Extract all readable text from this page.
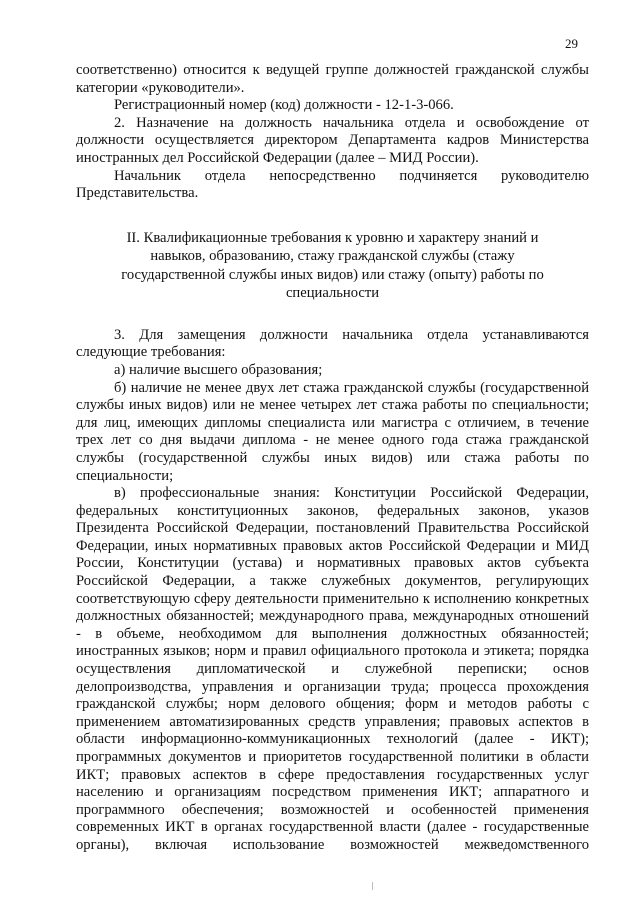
29

соответственно) относится к ведущей группе должностей гражданской службы категории «руководители».

Регистрационный номер (код) должности - 12-1-3-066.

2. Назначение на должность начальника отдела и освобождение от должности осуществляется директором Департамента кадров Министерства иностранных дел Российской Федерации (далее – МИД России).

Начальник отдела непосредственно подчиняется руководителю Представительства.

II. Квалификационные требования к уровню и характеру знаний и навыков, образованию, стажу гражданской службы (стажу государственной службы иных видов) или стажу (опыту) работы по специальности

3. Для замещения должности начальника отдела устанавливаются следующие требования:

а) наличие высшего образования;

б) наличие не менее двух лет стажа гражданской службы (государственной службы иных видов) или не менее четырех лет стажа работы по специальности; для лиц, имеющих дипломы специалиста или магистра с отличием, в течение трех лет со дня выдачи диплома - не менее одного года стажа гражданской службы (государственной службы иных видов) или стажа работы по специальности;

в) профессиональные знания: Конституции Российской Федерации, федеральных конституционных законов, федеральных законов, указов Президента Российской Федерации, постановлений Правительства Российской Федерации, иных нормативных правовых актов Российской Федерации и МИД России, Конституции (устава) и нормативных правовых актов субъекта Российской Федерации, а также служебных документов, регулирующих соответствующую сферу деятельности применительно к исполнению конкретных должностных обязанностей; международного права, международных отношений - в объеме, необходимом для выполнения должностных обязанностей; иностранных языков; норм и правил официального протокола и этикета; порядка осуществления дипломатической и служебной переписки; основ делопроизводства, управления и организации труда; процесса прохождения гражданской службы; норм делового общения; форм и методов работы с применением автоматизированных средств управления; правовых аспектов в области информационно-коммуникационных технологий (далее - ИКТ); программных документов и приоритетов государственной политики в области ИКТ; правовых аспектов в сфере предоставления государственных услуг населению и организациям посредством применения ИКТ; аппаратного и программного обеспечения; возможностей и особенностей применения современных ИКТ в органах государственной власти (далее - государственные органы), включая использование возможностей межведомственного
